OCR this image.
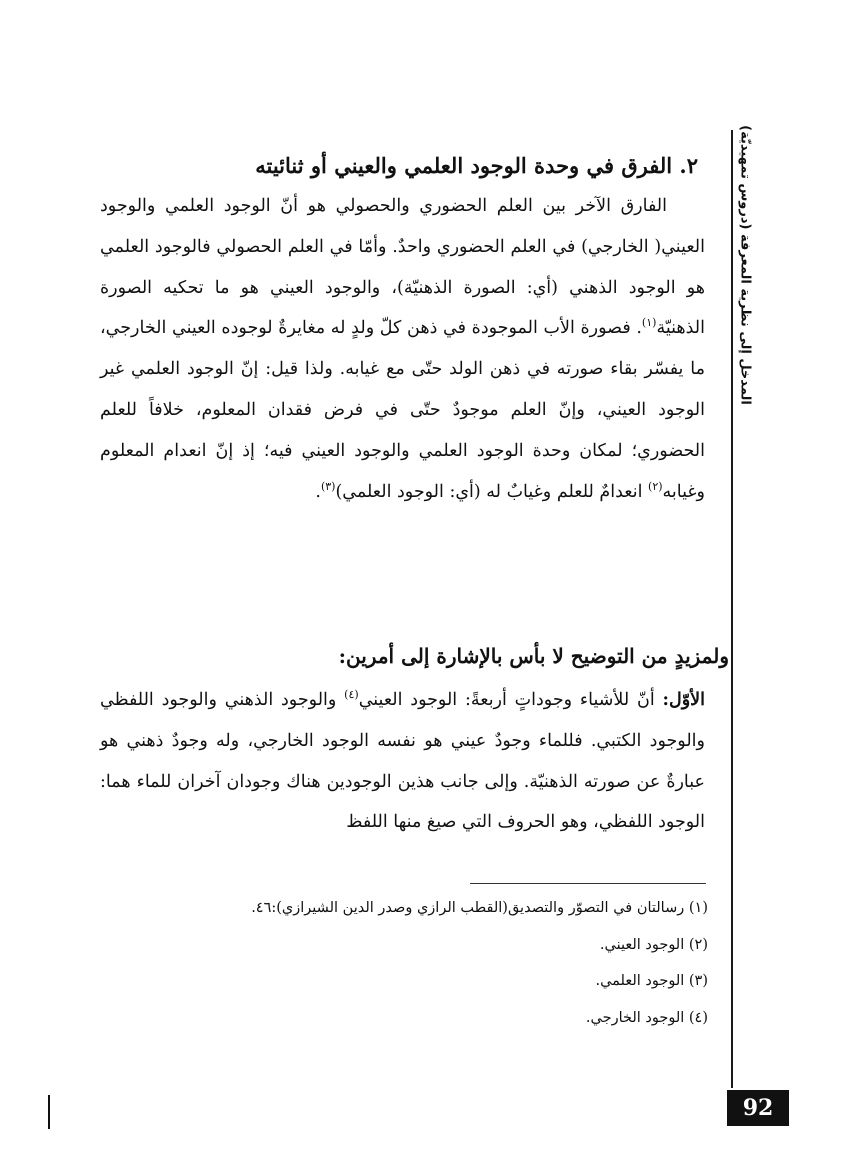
المدخل إلى نظرية المعرفة (دروس تمهيديّة)
٢. الفرق في وحدة الوجود العلمي والعيني أو ثنائيته

الفارق الآخر بين العلم الحضوري والحصولي هو أنّ الوجود العلمي والوجود العيني( الخارجي) في العلم الحضوري واحدٌ. وأمّا في العلم الحصولي فالوجود العلمي هو الوجود الذهني (أي: الصورة الذهنيّة)، والوجود العيني هو ما تحكيه الصورة الذهنيّة$^{(١)}$. فصورة الأب الموجودة في ذهن كلّ ولدٍ له مغايرةٌ لوجوده العيني الخارجي، ما يفسّر بقاء صورته في ذهن الولد حتّى مع غيابه. ولذا قيل: إنّ الوجود العلمي غير الوجود العيني، وإنّ العلم موجودٌ حتّى في فرض فقدان المعلوم، خلافاً للعلم الحضوري؛ لمكان وحدة الوجود العلمي والوجود العيني فيه؛ إذ إنّ انعدام المعلوم وغيابه$^{(٢)}$ انعدامٌ للعلم وغيابٌ له (أي: الوجود العلمي)$^{(٣)}$.

ولمزيدٍ من التوضيح لا بأس بالإشارة إلى أمرين:

الأوّل: أنّ للأشياء وجوداتٍ أربعةً: الوجود العيني$^{(٤)}$ والوجود الذهني والوجود اللفظي والوجود الكتبي. فللماء وجودٌ عيني هو نفسه الوجود الخارجي، وله وجودٌ ذهني هو عبارةٌ عن صورته الذهنيّة. وإلى جانب هذين الوجودين هناك وجودان آخران للماء هما: الوجود اللفظي، وهو الحروف التي صيغ منها اللفظ

(١) رسالتان في التصوّر والتصديق(القطب الرازي وصدر الدين الشيرازي):٤٦.
(٢) الوجود العيني.
(٣) الوجود العلمي.
(٤) الوجود الخارجي.
92
